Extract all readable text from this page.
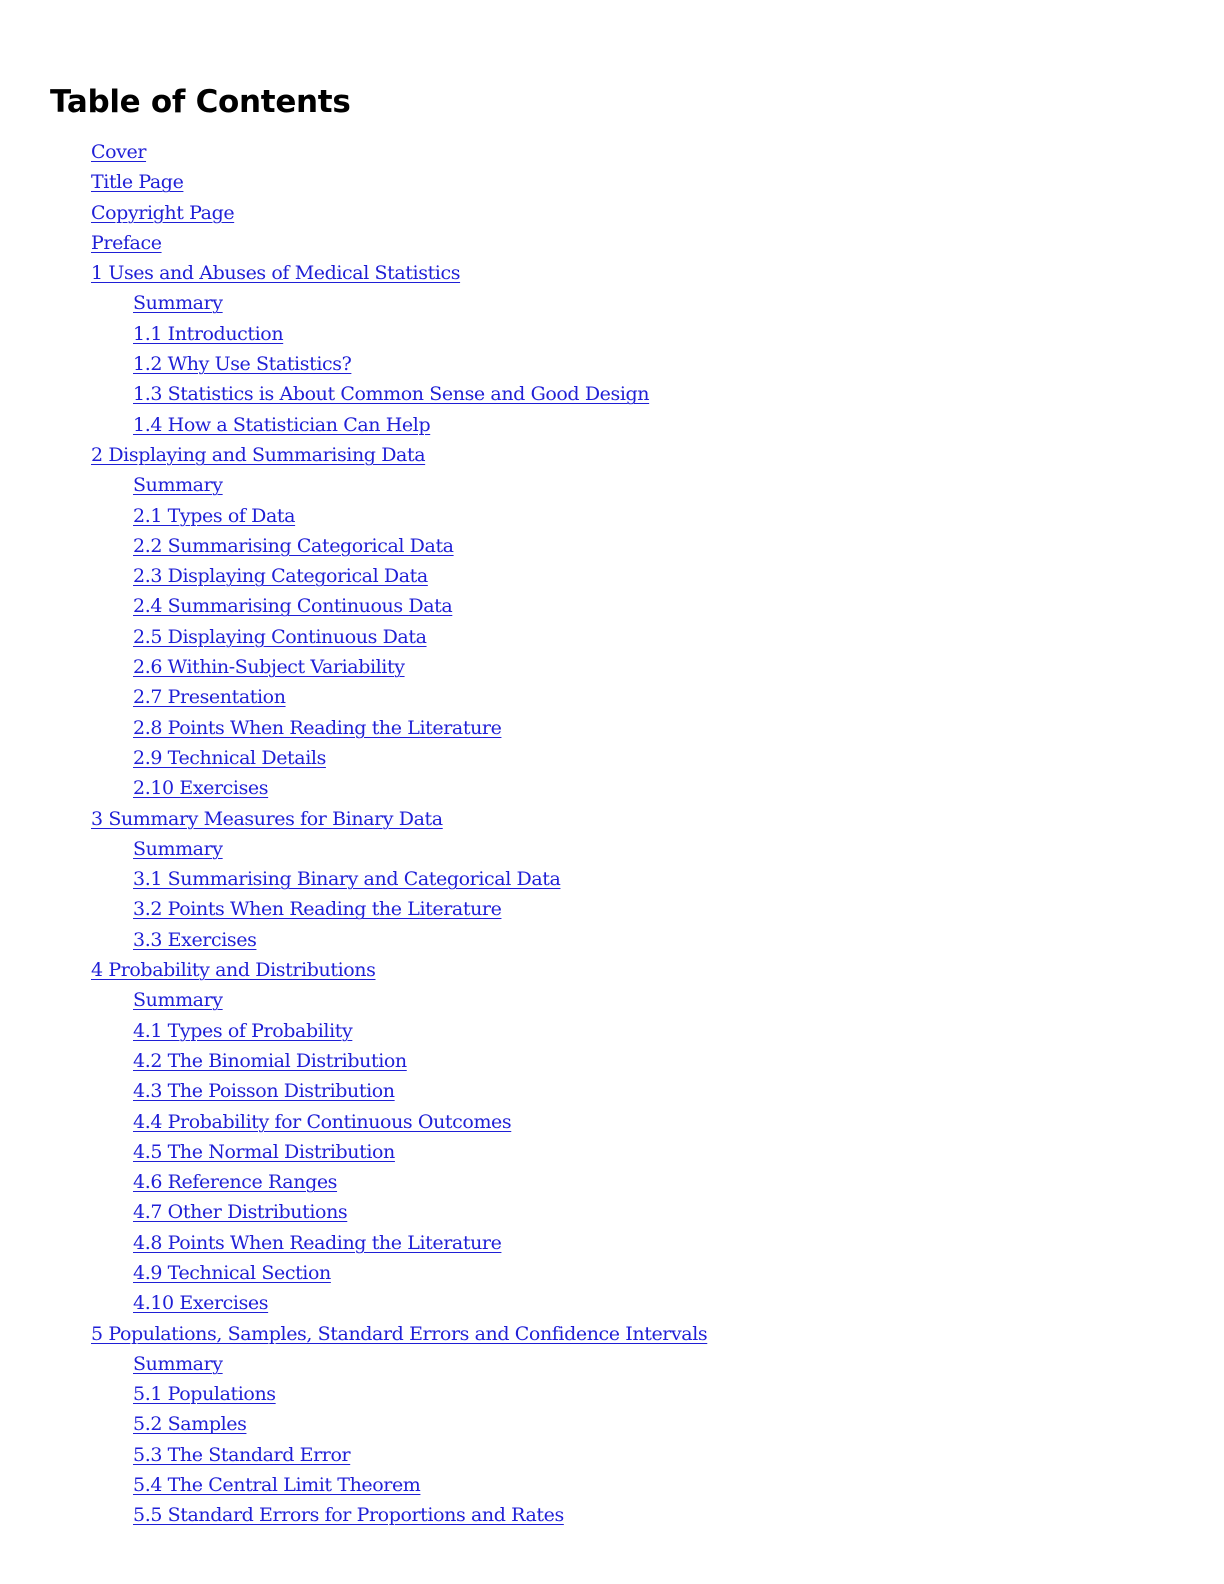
Table of Contents
Cover
Title Page
Copyright Page
Preface
1 Uses and Abuses of Medical Statistics
Summary
1.1 Introduction
1.2 Why Use Statistics?
1.3 Statistics is About Common Sense and Good Design
1.4 How a Statistician Can Help
2 Displaying and Summarising Data
Summary
2.1 Types of Data
2.2 Summarising Categorical Data
2.3 Displaying Categorical Data
2.4 Summarising Continuous Data
2.5 Displaying Continuous Data
2.6 Within-Subject Variability
2.7 Presentation
2.8 Points When Reading the Literature
2.9 Technical Details
2.10 Exercises
3 Summary Measures for Binary Data
Summary
3.1 Summarising Binary and Categorical Data
3.2 Points When Reading the Literature
3.3 Exercises
4 Probability and Distributions
Summary
4.1 Types of Probability
4.2 The Binomial Distribution
4.3 The Poisson Distribution
4.4 Probability for Continuous Outcomes
4.5 The Normal Distribution
4.6 Reference Ranges
4.7 Other Distributions
4.8 Points When Reading the Literature
4.9 Technical Section
4.10 Exercises
5 Populations, Samples, Standard Errors and Confidence Intervals
Summary
5.1 Populations
5.2 Samples
5.3 The Standard Error
5.4 The Central Limit Theorem
5.5 Standard Errors for Proportions and Rates
